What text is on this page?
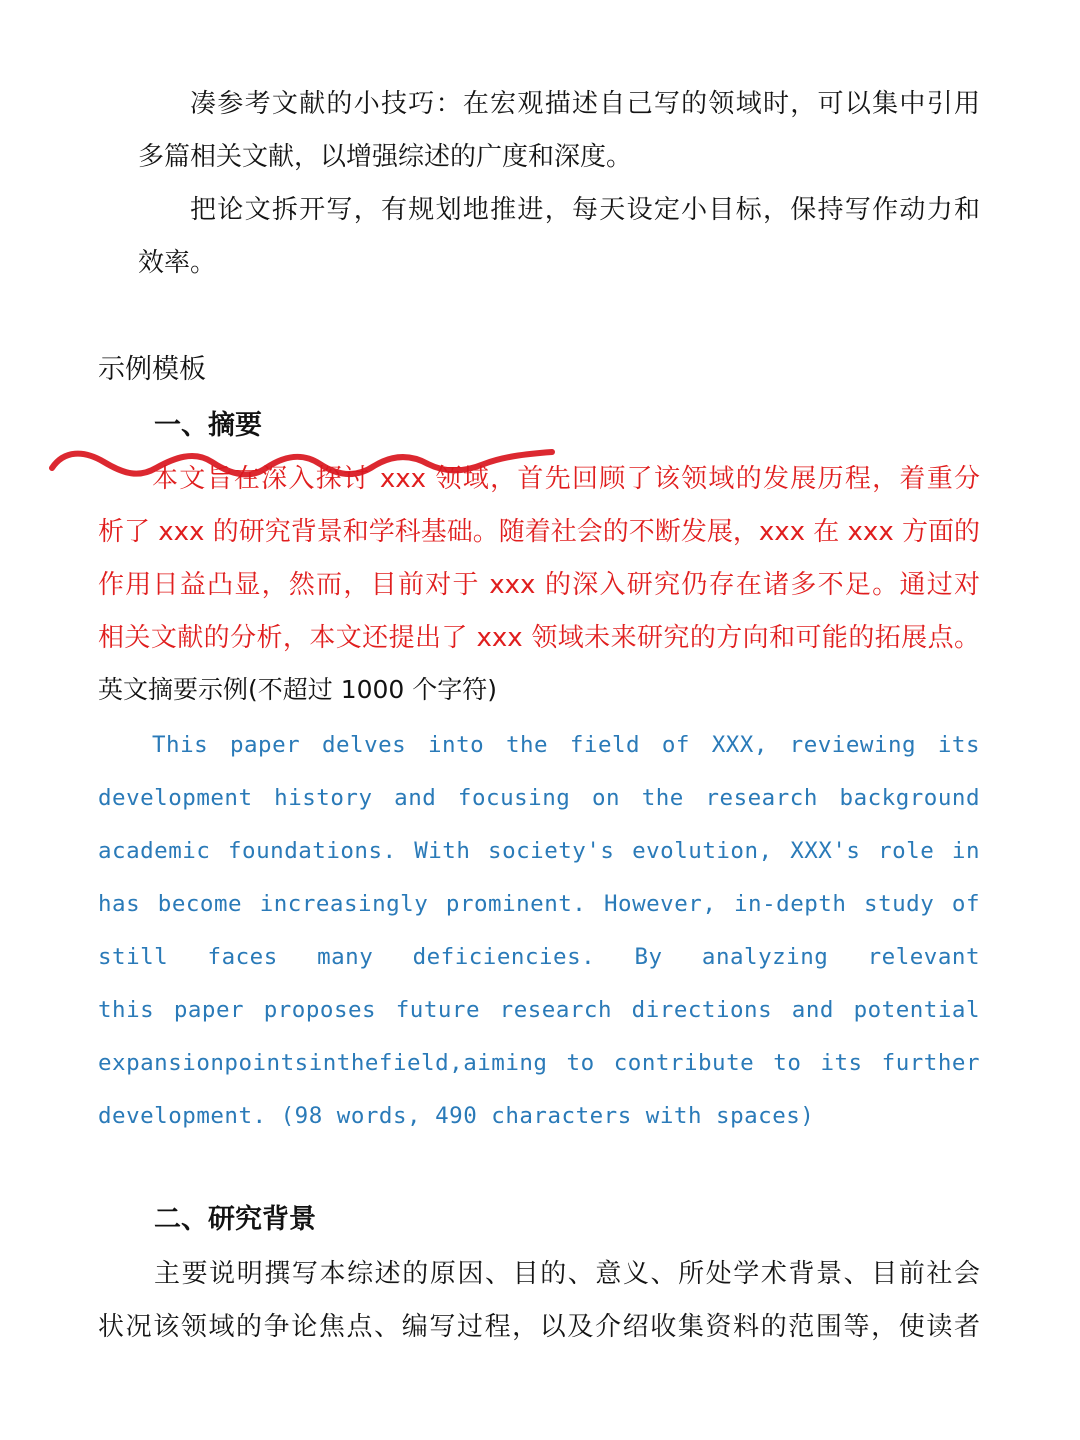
凑参考文献的小技巧：在宏观描述自己写的领域时，可以集中引用
多篇相关文献，以增强综述的广度和深度。
把论文拆开写，有规划地推进，每天设定小目标，保持写作动力和
效率。
示例模板
一、摘要
本文旨在深入探讨 xxx 领域，首先回顾了该领域的发展历程，着重分
析了 xxx 的研究背景和学科基础。随着社会的不断发展，xxx 在 xxx 方面的
作用日益凸显，然而，目前对于 xxx 的深入研究仍存在诸多不足。通过对
相关文献的分析，本文还提出了 xxx 领域未来研究的方向和可能的拓展点。
英文摘要示例(不超过 1000 个字符)
This paper delves into the field of XXX, reviewing its
development history and focusing on the research background
academic foundations. With society's evolution, XXX's role in
has become increasingly prominent. However, in-depth study of
still faces many deficiencies. By analyzing relevant
this paper proposes future research directions and potential
expansionpointsinthefield,aiming to contribute to its further
development. (98 words, 490 characters with spaces)
二、研究背景
主要说明撰写本综述的原因、目的、意义、所处学术背景、目前社会
状况该领域的争论焦点、编写过程，以及介绍收集资料的范围等，使读者
